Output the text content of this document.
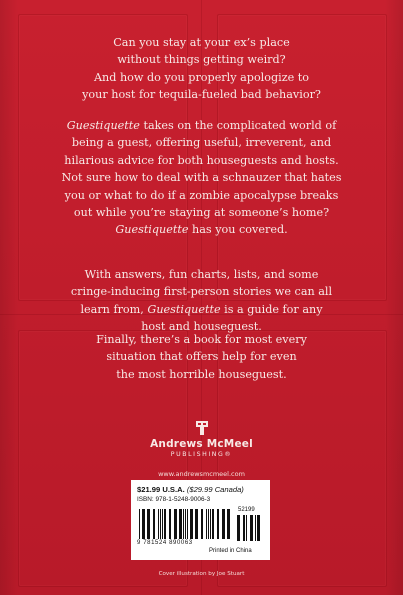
Can you stay at your ex’s place
without things getting weird?
And how do you properly apologize to
your host for tequila-fueled bad behavior?

Guestiquette takes on the complicated world of
being a guest, offering useful, irreverent, and
hilarious advice for both houseguests and hosts.
Not sure how to deal with a schnauzer that hates
you or what to do if a zombie apocalypse breaks
out while you’re staying at someone’s home?
Guestiquette has you covered.

With answers, fun charts, lists, and some
cringe-inducing first-person stories we can all
learn from, Guestiquette is a guide for any
host and houseguest.

Finally, there’s a book for most every
situation that offers help for even
the most horrible houseguest.

Andrews McMeel
PUBLISHING®
www.andrewsmcmeel.com
$21.99 U.S.A. ($29.99 Canada)
ISBN: 978-1-5248-9006-3
9 781524 890063
52199
Printed in China
Cover illustration by Joe Stuart
